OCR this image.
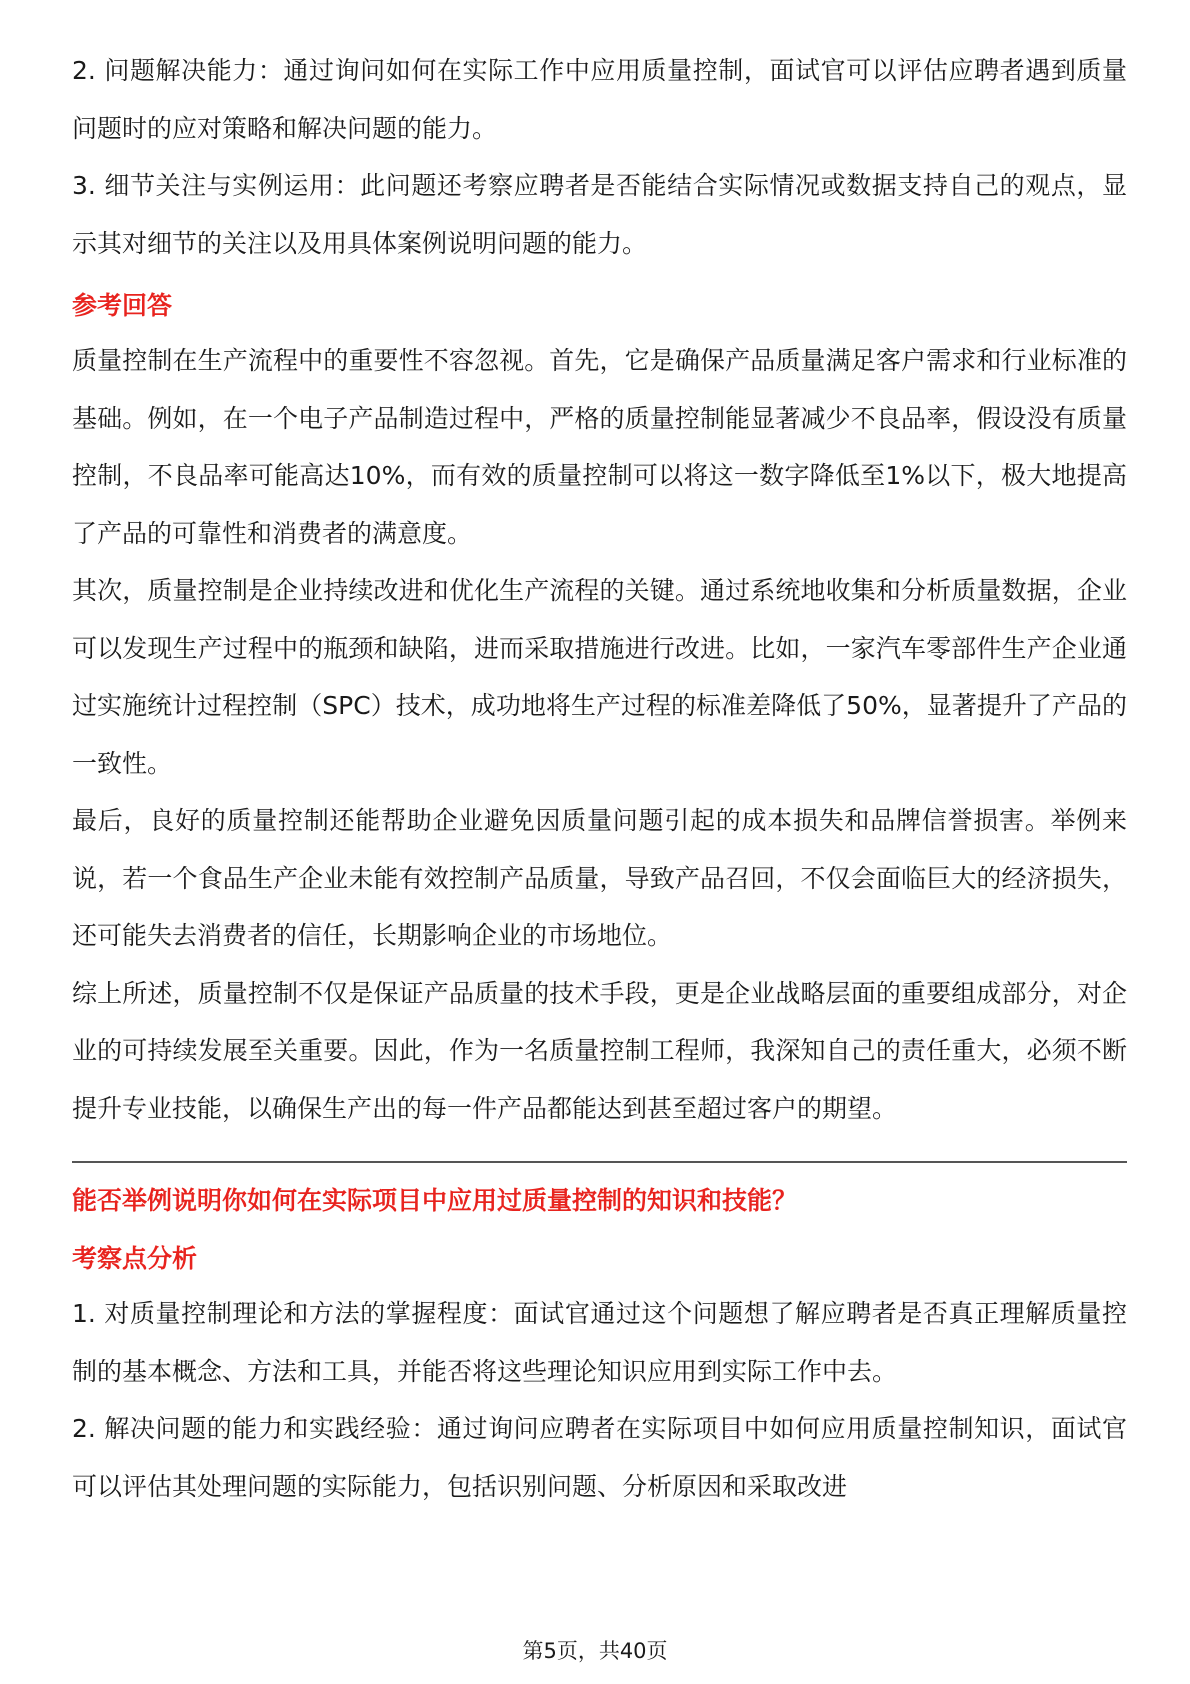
2. 问题解决能力：通过询问如何在实际工作中应用质量控制，面试官可以评估应聘者遇到质量问题时的应对策略和解决问题的能力。

3. 细节关注与实例运用：此问题还考察应聘者是否能结合实际情况或数据支持自己的观点，显示其对细节的关注以及用具体案例说明问题的能力。

参考回答

质量控制在生产流程中的重要性不容忽视。首先，它是确保产品质量满足客户需求和行业标准的基础。例如，在一个电子产品制造过程中，严格的质量控制能显著减少不良品率，假设没有质量控制，不良品率可能高达10%，而有效的质量控制可以将这一数字降低至1%以下，极大地提高了产品的可靠性和消费者的满意度。

其次，质量控制是企业持续改进和优化生产流程的关键。通过系统地收集和分析质量数据，企业可以发现生产过程中的瓶颈和缺陷，进而采取措施进行改进。比如，一家汽车零部件生产企业通过实施统计过程控制（SPC）技术，成功地将生产过程的标准差降低了50%，显著提升了产品的一致性。

最后，良好的质量控制还能帮助企业避免因质量问题引起的成本损失和品牌信誉损害。举例来说，若一个食品生产企业未能有效控制产品质量，导致产品召回，不仅会面临巨大的经济损失，还可能失去消费者的信任，长期影响企业的市场地位。

综上所述，质量控制不仅是保证产品质量的技术手段，更是企业战略层面的重要组成部分，对企业的可持续发展至关重要。因此，作为一名质量控制工程师，我深知自己的责任重大，必须不断提升专业技能，以确保生产出的每一件产品都能达到甚至超过客户的期望。

能否举例说明你如何在实际项目中应用过质量控制的知识和技能？
考察点分析

1. 对质量控制理论和方法的掌握程度：面试官通过这个问题想了解应聘者是否真正理解质量控制的基本概念、方法和工具，并能否将这些理论知识应用到实际工作中去。

2. 解决问题的能力和实践经验：通过询问应聘者在实际项目中如何应用质量控制知识，面试官可以评估其处理问题的实际能力，包括识别问题、分析原因和采取改进

第5页，共40页
